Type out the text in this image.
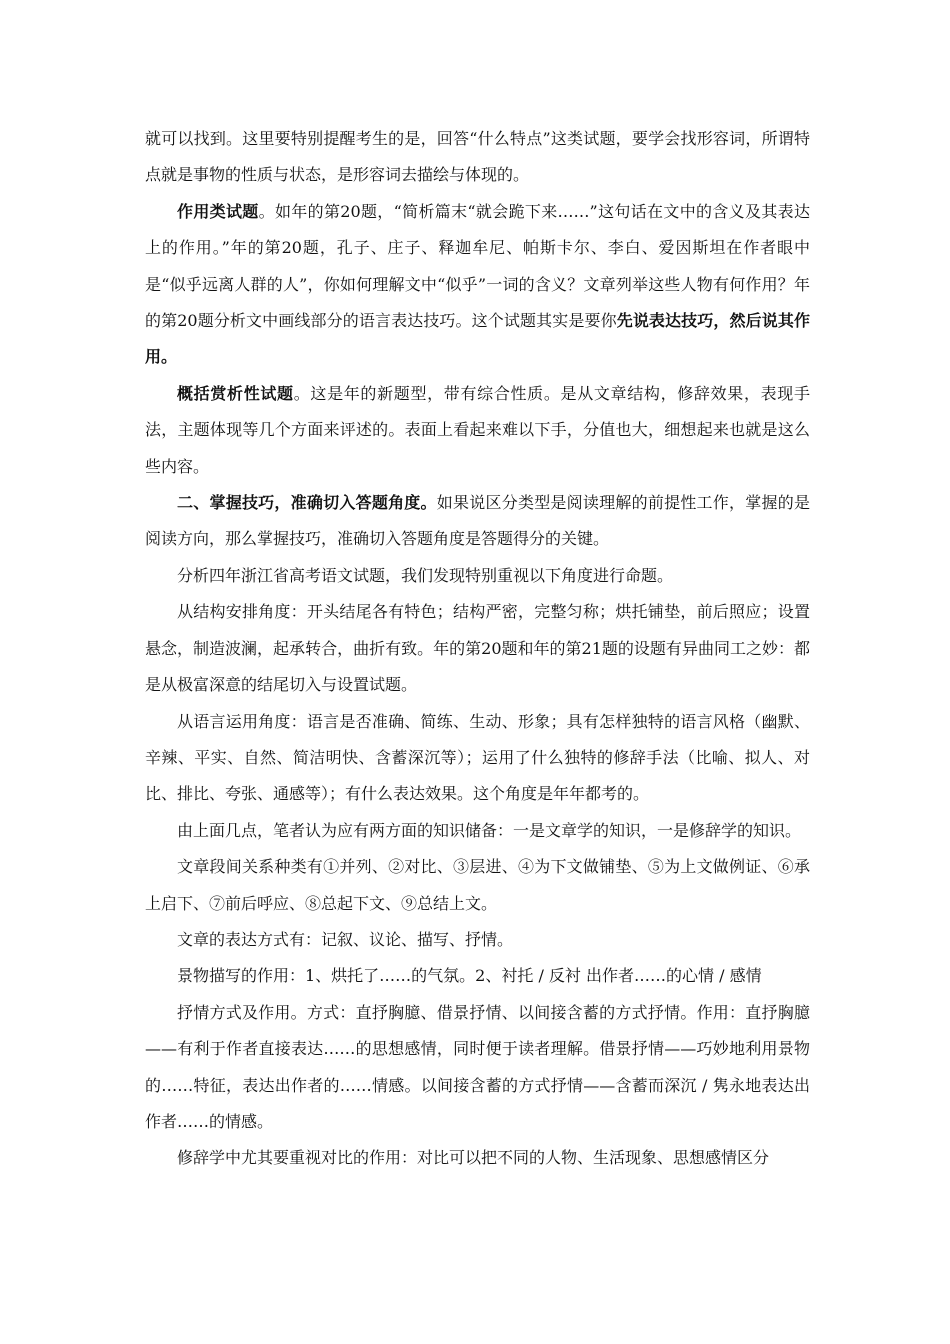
就可以找到。这里要特别提醒考生的是，回答“什么特点”这类试题，要学会找形容词，所谓特点就是事物的性质与状态，是形容词去描绘与体现的。

作用类试题。如年的第20题，“简析篇末“就会跪下来……”这句话在文中的含义及其表达上的作用。”年的第20题，孔子、庄子、释迦牟尼、帕斯卡尔、李白、爱因斯坦在作者眼中是“似乎远离人群的人”，你如何理解文中“似乎”一词的含义？文章列举这些人物有何作用？年的第20题分析文中画线部分的语言表达技巧。这个试题其实是要你先说表达技巧，然后说其作用。

概括赏析性试题。这是年的新题型，带有综合性质。是从文章结构，修辞效果，表现手法，主题体现等几个方面来评述的。表面上看起来难以下手，分值也大，细想起来也就是这么些内容。

二、掌握技巧，准确切入答题角度。如果说区分类型是阅读理解的前提性工作，掌握的是阅读方向，那么掌握技巧，准确切入答题角度是答题得分的关键。

分析四年浙江省高考语文试题，我们发现特别重视以下角度进行命题。

从结构安排角度：开头结尾各有特色；结构严密，完整匀称；烘托铺垫，前后照应；设置悬念，制造波澜，起承转合，曲折有致。年的第20题和年的第21题的设题有异曲同工之妙：都是从极富深意的结尾切入与设置试题。

从语言运用角度：语言是否准确、简练、生动、形象；具有怎样独特的语言风格（幽默、辛辣、平实、自然、简洁明快、含蓄深沉等）；运用了什么独特的修辞手法（比喻、拟人、对比、排比、夸张、通感等）；有什么表达效果。这个角度是年年都考的。

由上面几点，笔者认为应有两方面的知识储备：一是文章学的知识，一是修辞学的知识。

文章段间关系种类有①并列、②对比、③层进、④为下文做铺垫、⑤为上文做例证、⑥承上启下、⑦前后呼应、⑧总起下文、⑨总结上文。

文章的表达方式有：记叙、议论、描写、抒情。

景物描写的作用：1、烘托了……的气氛。2、衬托 / 反衬 出作者……的心情 / 感情

抒情方式及作用。方式：直抒胸臆、借景抒情、以间接含蓄的方式抒情。作用：直抒胸臆——有利于作者直接表达……的思想感情，同时便于读者理解。借景抒情——巧妙地利用景物的……特征，表达出作者的……情感。以间接含蓄的方式抒情——含蓄而深沉 / 隽永地表达出作者……的情感。

修辞学中尤其要重视对比的作用：对比可以把不同的人物、生活现象、思想感情区分
